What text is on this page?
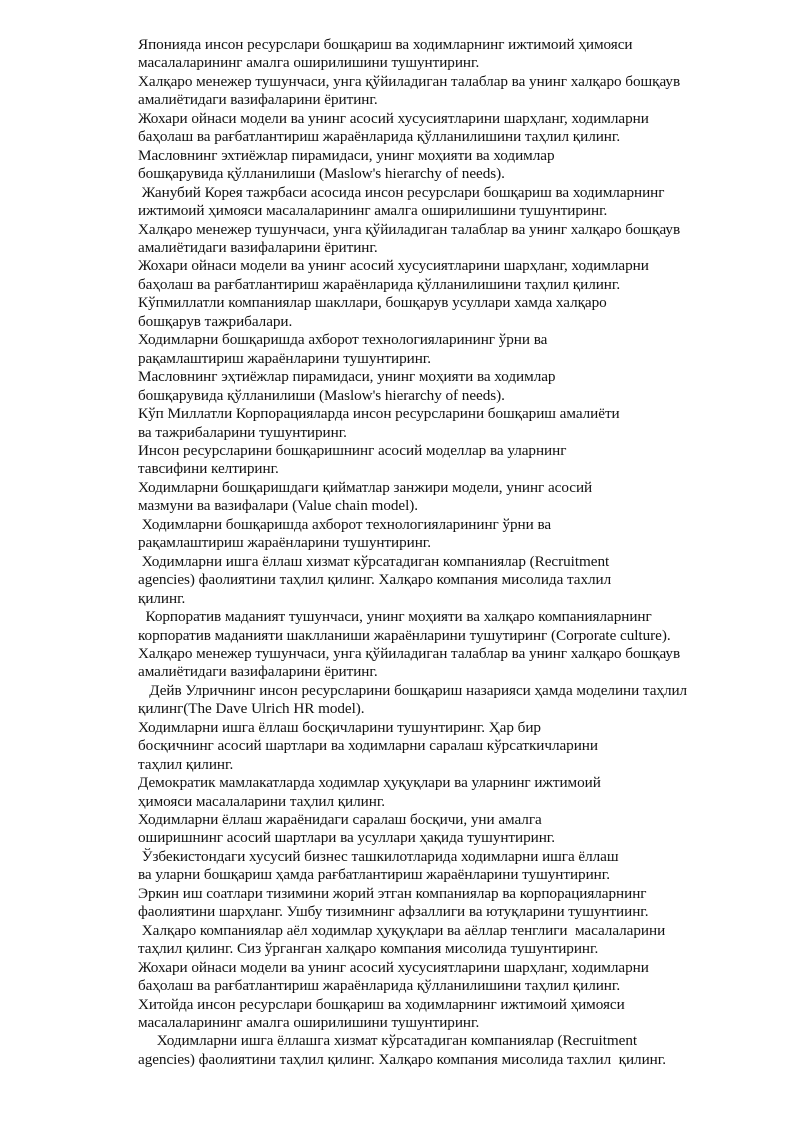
Японияда инсон ресурслари бошқариш ва ходимларнинг ижтимоий ҳимояси
масалаларининг амалга оширилишини тушунтиринг.
Халқаро менежер тушунчаси, унга қўйиладиган талаблар ва унинг халқаро бошқаув
амалиётидаги вазифаларини ёритинг.
Жохари ойнаси модели ва унинг асосий хусусиятларини шарҳланг, ходимларни
баҳолаш ва рағбатлантириш жараёнларида қўлланилишини таҳлил қилинг.
Масловнинг эхтиёжлар пирамидаси, унинг моҳияти ва ходимлар
бошқарувида қўлланилиши (Maslow's hierarchy of needs).
Жанубий Корея тажрбаси асосида инсон ресурслари бошқариш ва ходимларнинг
ижтимоий ҳимояси масалаларининг амалга оширилишини тушунтиринг.
Халқаро менежер тушунчаси, унга қўйиладиган талаблар ва унинг халқаро бошқаув
амалиётидаги вазифаларини ёритинг.
Жохари ойнаси модели ва унинг асосий хусусиятларини шарҳланг, ходимларни
баҳолаш ва рағбатлантириш жараёнларида қўлланилишини таҳлил қилинг.
Кўпмиллатли компаниялар шакллари, бошқарув усуллари хамда халқаро
бошқарув тажрибалари.
Ходимларни бошқаришда ахборот технологияларининг ўрни ва
рақамлаштириш жараёнларини тушунтиринг.
Масловнинг эҳтиёжлар пирамидаси, унинг моҳияти ва ходимлар
бошқарувида қўлланилиши (Maslow's hierarchy of needs).
Кўп Миллатли Корпорацияларда инсон ресурсларини бошқариш амалиёти
ва тажрибаларини тушунтиринг.
Инсон ресурсларини бошқаришнинг асосий моделлар ва уларнинг
тавсифини келтиринг.
Ходимларни бошқаришдаги қийматлар занжири модели, унинг асосий
мазмуни ва вазифалари (Value chain model).
Ходимларни бошқаришда ахборот технологияларининг ўрни ва
рақамлаштириш жараёнларини тушунтиринг.
Ходимларни ишга ёллаш хизмат кўрсатадиган компаниялар (Recruitment
agencies) фаолиятини таҳлил қилинг. Халқаро компания мисолида тахлил
қилинг.
Корпоратив маданият тушунчаси, унинг моҳияти ва халқаро компанияларнинг
корпоратив маданияти шаклланиши жараёнларини тушутиринг (Corporate culture).
Халқаро менежер тушунчаси, унга қўйиладиган талаблар ва унинг халқаро бошқаув
амалиётидаги вазифаларини ёритинг.
Дейв Улричнинг инсон ресурсларини бошқариш назарияси ҳамда моделини таҳлил
қилинг(The Dave Ulrich HR model).
Ходимларни ишга ёллаш босқичларини тушунтиринг. Ҳар бир
босқичнинг асосий шартлари ва ходимларни саралаш кўрсаткичларини
таҳлил қилинг.
Демократик мамлакатларда ходимлар ҳуқуқлари ва уларнинг ижтимоий
ҳимояси масалаларини таҳлил қилинг.
Ходимларни ёллаш жараёнидаги саралаш босқичи, уни амалга
оширишнинг асосий шартлари ва усуллари ҳақида тушунтиринг.
Ўзбекистондаги хусусий бизнес ташкилотларида ходимларни ишга ёллаш
ва уларни бошқариш ҳамда рағбатлантириш жараёнларини тушунтиринг.
Эркин иш соатлари тизимини жорий этган компаниялар ва корпорацияларнинг
фаолиятини шарҳланг. Ушбу тизимнинг афзаллиги ва ютуқларини тушунтиинг.
Халқаро компаниялар аёл ходимлар ҳуқуқлари ва аёллар тенглиги  масалаларини
таҳлил қилинг. Сиз ўрганган халқаро компания мисолида тушунтиринг.
Жохари ойнаси модели ва унинг асосий хусусиятларини шарҳланг, ходимларни
баҳолаш ва рағбатлантириш жараёнларида қўлланилишини таҳлил қилинг.
Хитойда инсон ресурслари бошқариш ва ходимларнинг ижтимоий ҳимояси
масалаларининг амалга оширилишини тушунтиринг.
Ходимларни ишга ёллашга хизмат кўрсатадиган компаниялар (Recruitment
agencies) фаолиятини таҳлил қилинг. Халқаро компания мисолида тахлил  қилинг.
